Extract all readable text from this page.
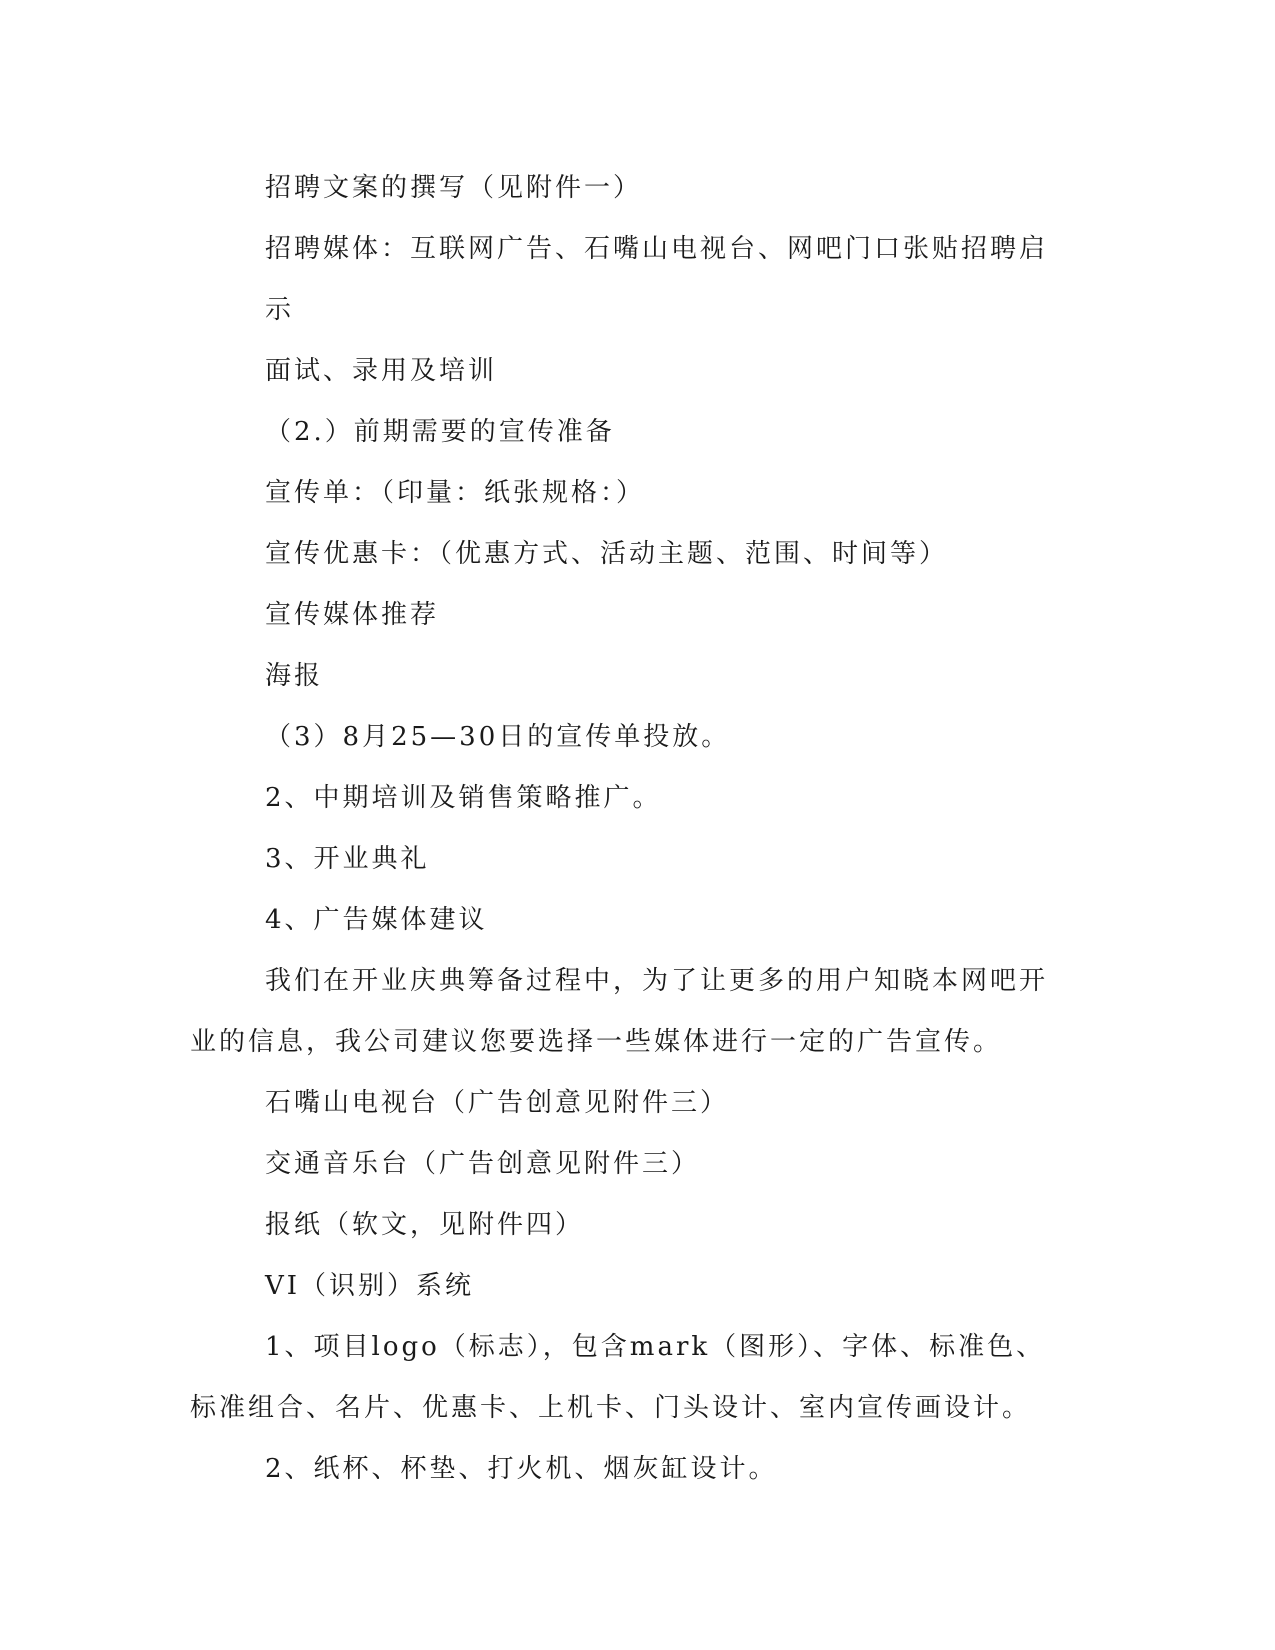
招聘文案的撰写（见附件一）

招聘媒体：互联网广告、石嘴山电视台、网吧门口张贴招聘启示

面试、录用及培训

（2.）前期需要的宣传准备

宣传单：（印量：纸张规格：）

宣传优惠卡：（优惠方式、活动主题、范围、时间等）

宣传媒体推荐

海报

（3）8月25—30日的宣传单投放。

2、中期培训及销售策略推广。

3、开业典礼

4、广告媒体建议

我们在开业庆典筹备过程中，为了让更多的用户知晓本网吧开业的信息，我公司建议您要选择一些媒体进行一定的广告宣传。

石嘴山电视台（广告创意见附件三）

交通音乐台（广告创意见附件三）

报纸（软文，见附件四）

VI（识别）系统

1、项目logo（标志），包含mark（图形）、字体、标准色、标准组合、名片、优惠卡、上机卡、门头设计、室内宣传画设计。

2、纸杯、杯垫、打火机、烟灰缸设计。
